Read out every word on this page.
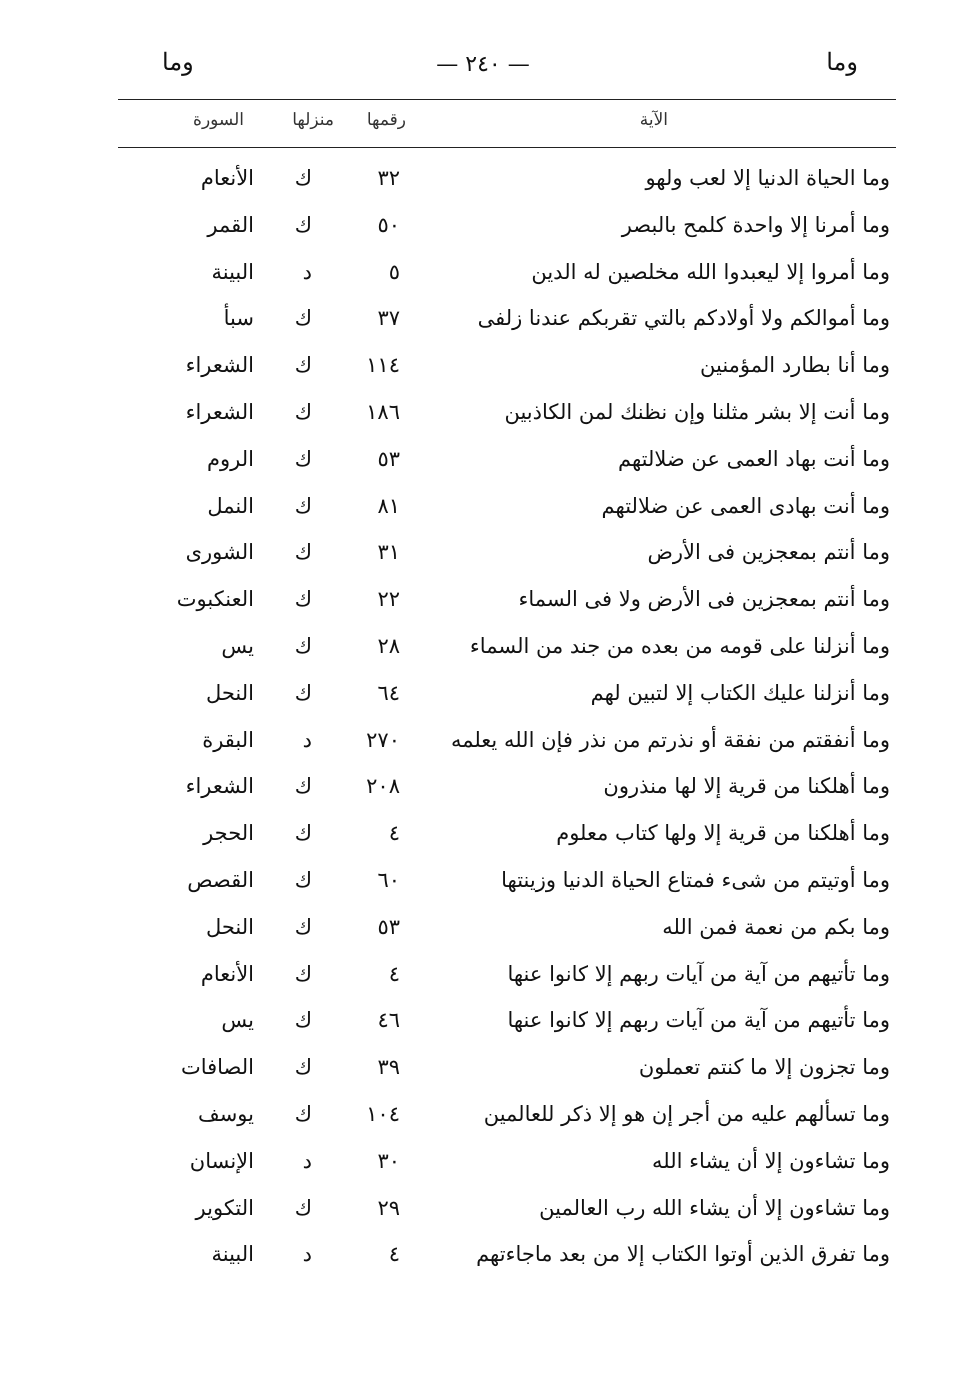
وما
— ٢٤٠ —
وما
الآية
رقمها
منزلها
السورة
وما الحياة الدنيا إلا لعب ولهو
٣٢
ك
الأنعام
وما أمرنا إلا واحدة كلمح بالبصر
٥٠
ك
القمر
وما أمروا إلا ليعبدوا الله مخلصين له الدين
٥
د
البينة
وما أموالكم ولا أولادكم بالتي تقربكم عندنا زلفى
٣٧
ك
سبأ
وما أنا بطارد المؤمنين
١١٤
ك
الشعراء
وما أنت إلا بشر مثلنا وإن نظنك لمن الكاذبين
١٨٦
ك
الشعراء
وما أنت بهاد العمى عن ضلالتهم
٥٣
ك
الروم
وما أنت بهادى العمى عن ضلالتهم
٨١
ك
النمل
وما أنتم بمعجزين فى الأرض
٣١
ك
الشورى
وما أنتم بمعجزين فى الأرض ولا فى السماء
٢٢
ك
العنكبوت
وما أنزلنا على قومه من بعده من جند من السماء
٢٨
ك
يس
وما أنزلنا عليك الكتاب إلا لتبين لهم
٦٤
ك
النحل
وما أنفقتم من نفقة أو نذرتم من نذر فإن الله يعلمه
٢٧٠
د
البقرة
وما أهلكنا من قرية إلا لها منذرون
٢٠٨
ك
الشعراء
وما أهلكنا من قرية إلا ولها كتاب معلوم
٤
ك
الحجر
وما أوتيتم من شىء فمتاع الحياة الدنيا وزينتها
٦٠
ك
القصص
وما بكم من نعمة فمن الله
٥٣
ك
النحل
وما تأتيهم من آية من آيات ربهم إلا كانوا عنها
٤
ك
الأنعام
وما تأتيهم من آية من آيات ربهم إلا كانوا عنها
٤٦
ك
يس
وما تجزون إلا ما كنتم تعملون
٣٩
ك
الصافات
وما تسألهم عليه من أجر إن هو إلا ذكر للعالمين
١٠٤
ك
يوسف
وما تشاءون إلا أن يشاء الله
٣٠
د
الإنسان
وما تشاءون إلا أن يشاء الله رب العالمين
٢٩
ك
التكوير
وما تفرق الذين أوتوا الكتاب إلا من بعد ماجاءتهم
٤
د
البينة
